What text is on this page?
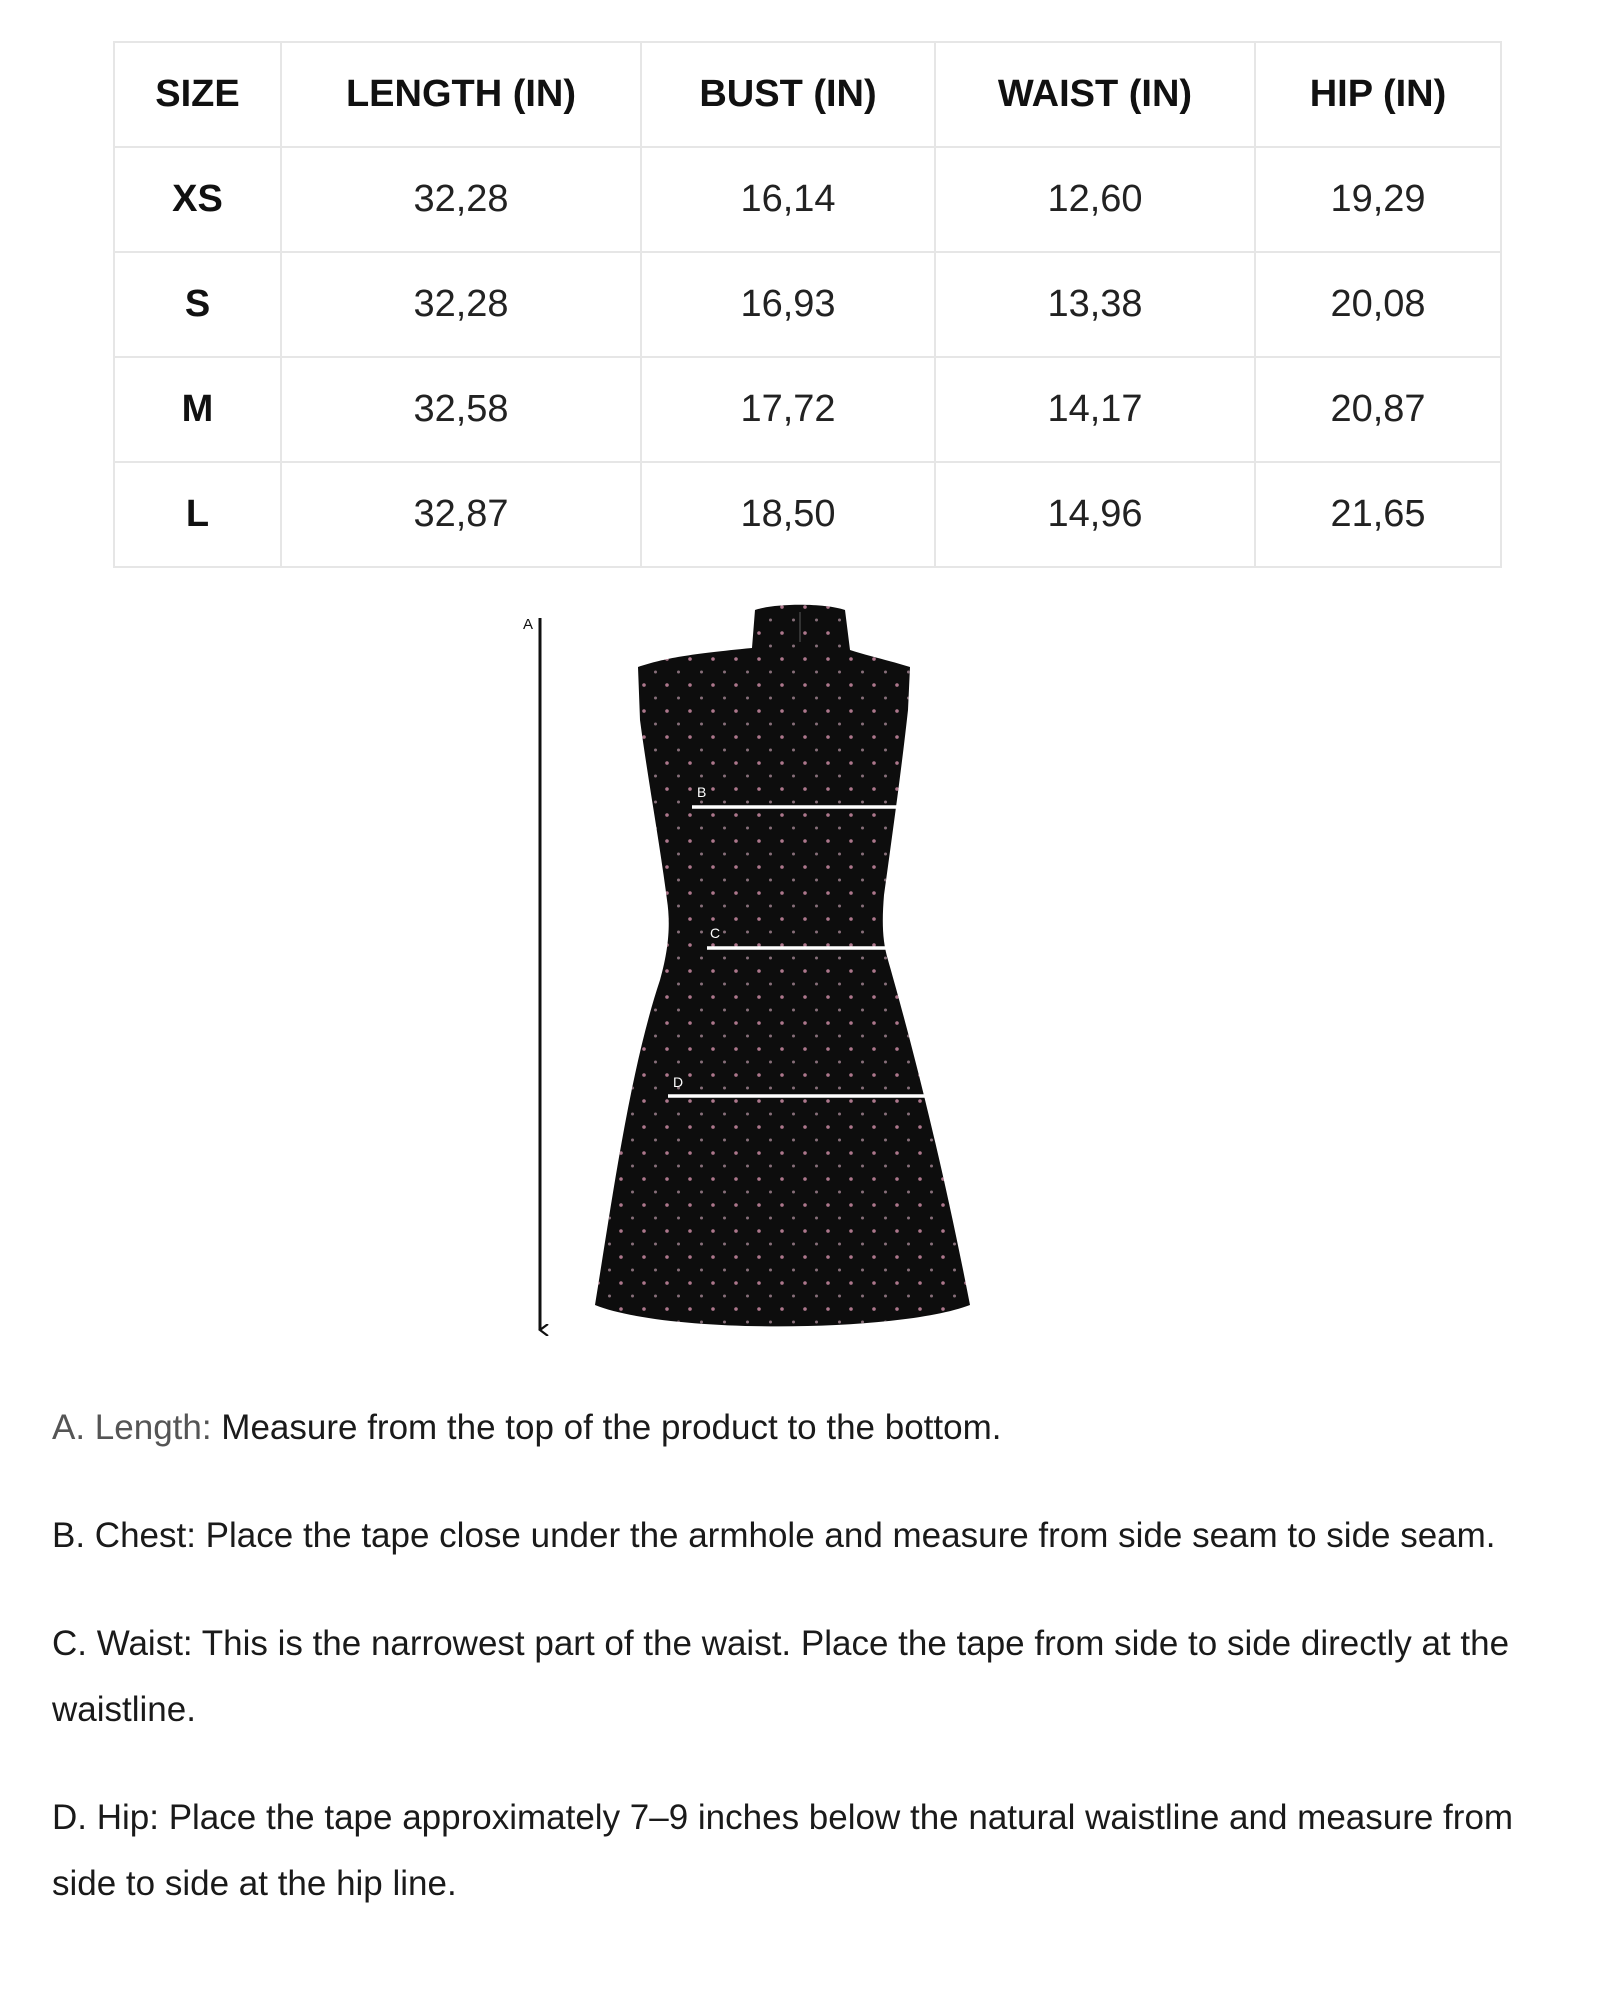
SIZE	LENGTH (IN)	BUST (IN)	WAIST (IN)	HIP (IN)
XS	32,28	16,14	12,60	19,29
S	32,28	16,93	13,38	20,08
M	32,58	17,72	14,17	20,87
L	32,87	18,50	14,96	21,65
A
B
C
D

A. Length: Measure from the top of the product to the bottom.

B. Chest: Place the tape close under the armhole and measure from side seam to side seam.

C. Waist: This is the narrowest part of the waist. Place the tape from side to side directly at the waistline.

D. Hip: Place the tape approximately 7–9 inches below the natural waistline and measure from side to side at the hip line.
